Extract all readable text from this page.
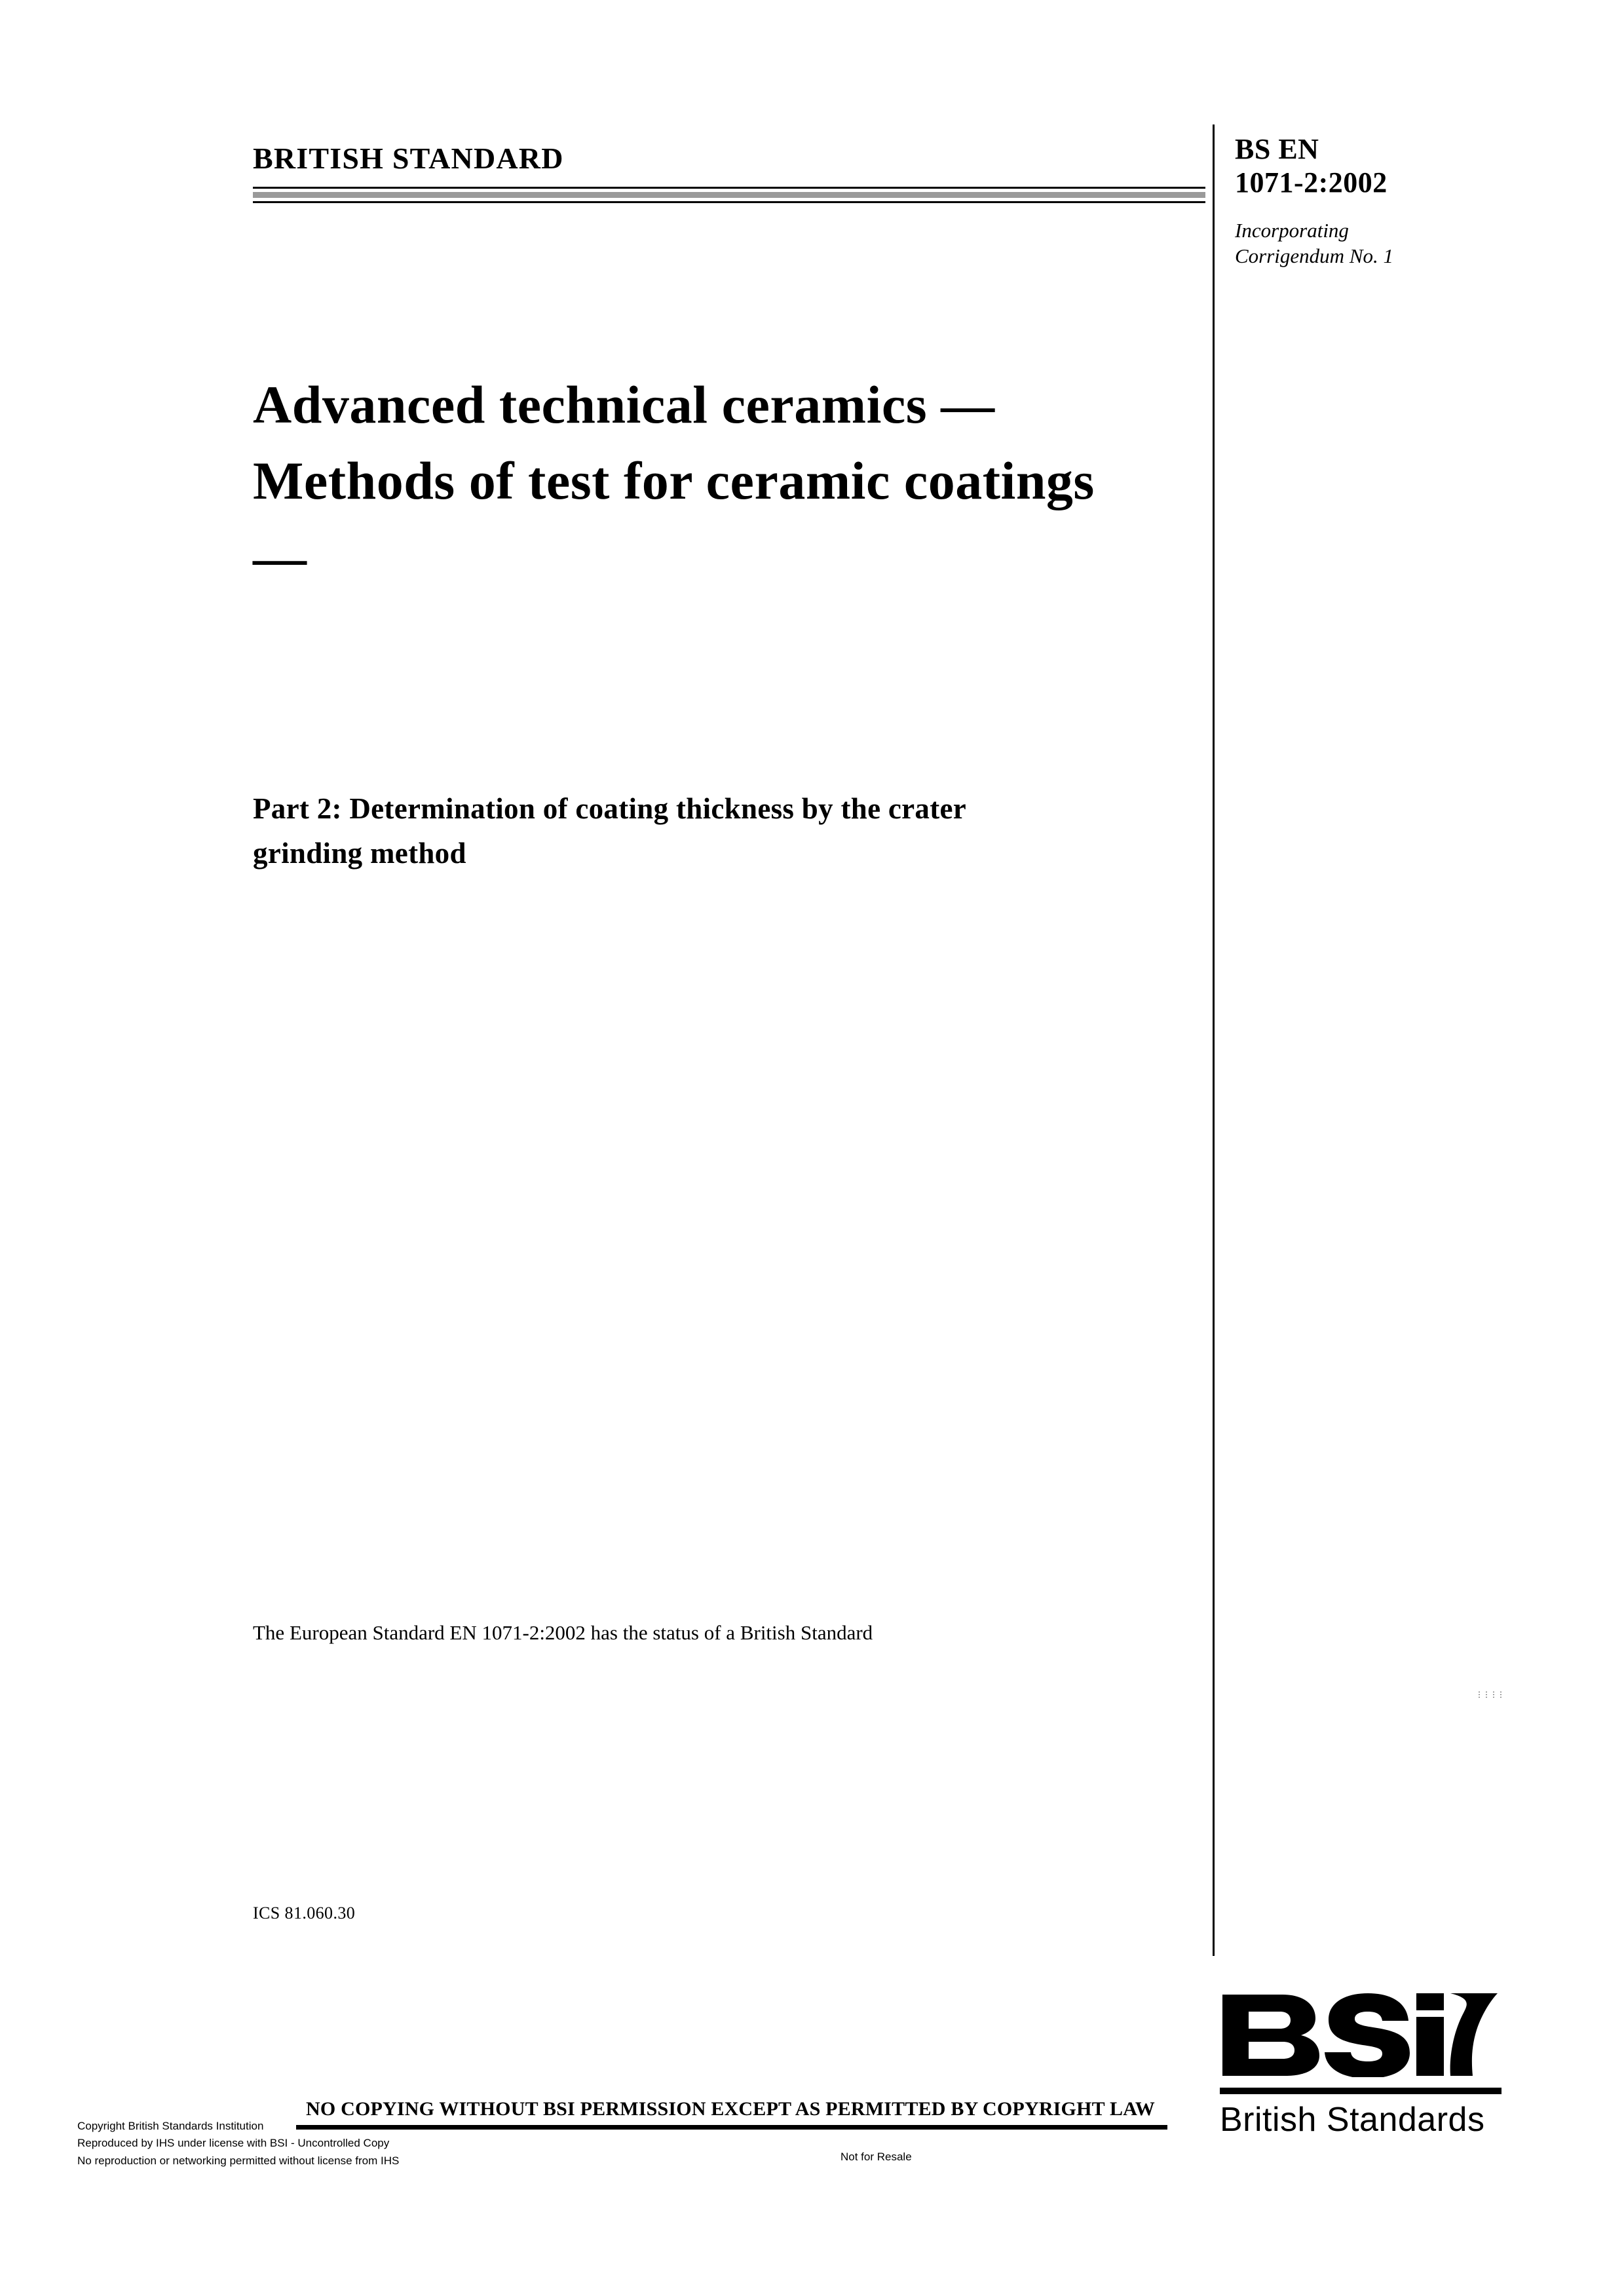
BRITISH STANDARD	BS EN
1071-2:2002
Incorporating
Corrigendum No. 1
Advanced technical ceramics — Methods of test for ceramic coatings —
Part 2: Determination of coating thickness by the crater grinding method
The European Standard EN 1071-2:2002 has the status of a British Standard
⋮⋮⋮⋮
ICS 81.060.30
British Standards
NO COPYING WITHOUT BSI PERMISSION EXCEPT AS PERMITTED BY COPYRIGHT LAW
Copyright British Standards Institution
Reproduced by IHS under license with BSI - Uncontrolled Copy
No reproduction or networking permitted without license from IHS	Not for Resale
